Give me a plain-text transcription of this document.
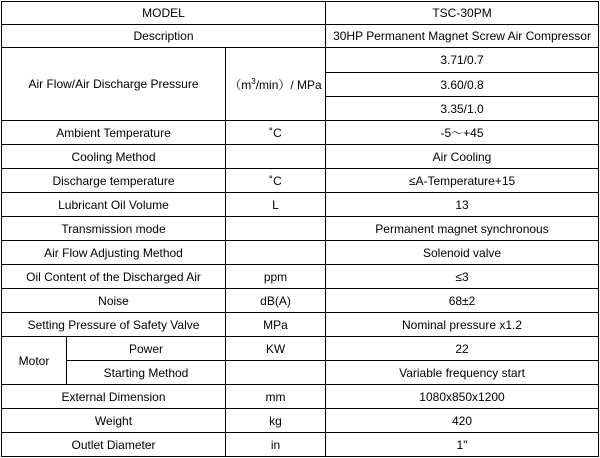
MODEL			TSC-30PM
Description			30HP Permanent Magnet Screw Air Compressor
Air Flow/Air Discharge Pressure		$(m^3/\min)/$ MPa	3.71/0.7
			3.60/0.8
			3.35/1.0
Ambient Temperature		˚C	-5～+45
Cooling Method			Air Cooling
Discharge temperature		˚C	≤A-Temperature+15
Lubricant Oil Volume		L	13
Transmission mode			Permanent magnet synchronous
Air Flow Adjusting Method			Solenoid valve
Oil Content of the Discharged Air		ppm	≤3
Noise		dB(A)	68±2
Setting Pressure of Safety Valve		MPa	Nominal pressure x1.2
Motor	Power	KW	22
	Starting Method		Variable frequency start
External Dimension		mm	1080x850x1200
Weight		kg	420
Outlet Diameter		in	1"
